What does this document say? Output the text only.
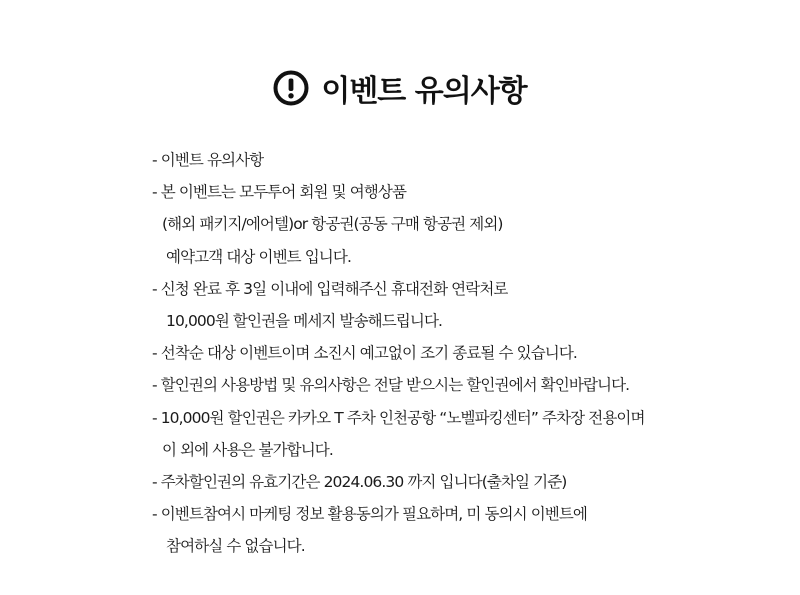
이벤트 유의사항
- 이벤트 유의사항
- 본 이벤트는 모두투어 회원 및 여행상품
(해외 패키지/에어텔)or 항공권(공동 구매 항공권 제외)
예약고객 대상 이벤트 입니다.
- 신청 완료 후 3일 이내에 입력해주신 휴대전화 연락처로
10,000원 할인권을 메세지 발송해드립니다.
- 선착순 대상 이벤트이며 소진시 예고없이 조기 종료될 수 있습니다.
- 할인권의 사용방법 및 유의사항은 전달 받으시는 할인권에서 확인바랍니다.
- 10,000원 할인권은 카카오 T 주차 인천공항 “노벨파킹센터” 주차장 전용이며
이 외에 사용은 불가합니다.
- 주차할인권의 유효기간은 2024.06.30 까지 입니다(출차일 기준)
- 이벤트참여시 마케팅 정보 활용동의가 필요하며, 미 동의시 이벤트에
참여하실 수 없습니다.
